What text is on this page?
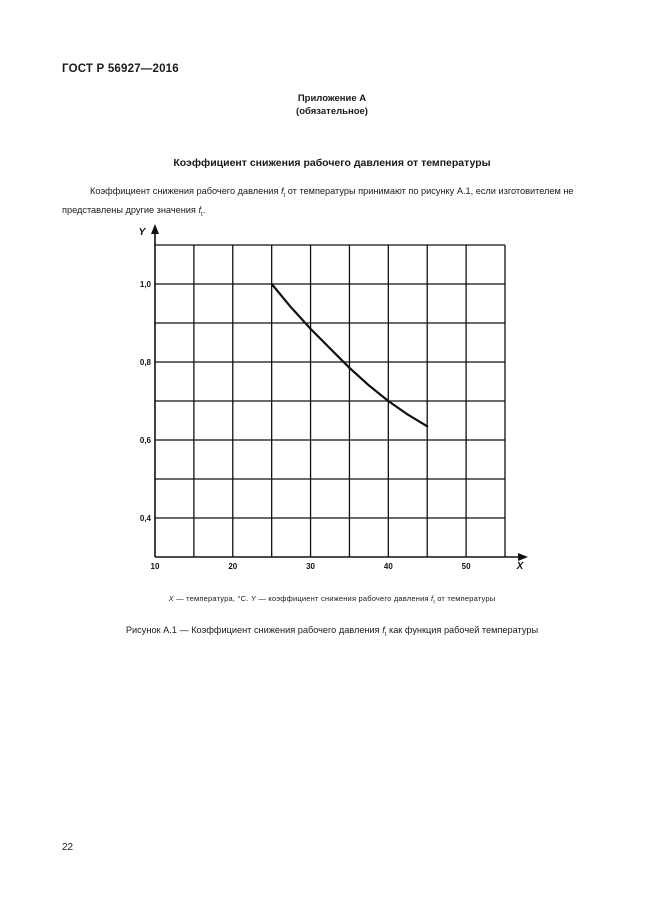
ГОСТ Р 56927—2016
Приложение А
(обязательное)
Коэффициент снижения рабочего давления от температуры
Коэффициент снижения рабочего давления $f_t$ от температуры принимают по рисунку А.1, если изготовителем не представлены другие значения $f_t$.
Y
X
10	20	30	40	50
1,0
0,8
0,6
0,4
X — температура, °С. Y — коэффициент снижения рабочего давления $f_t$ от температуры
Рисунок А.1 — Коэффициент снижения рабочего давления $f_t$ как функция рабочей температуры
22
